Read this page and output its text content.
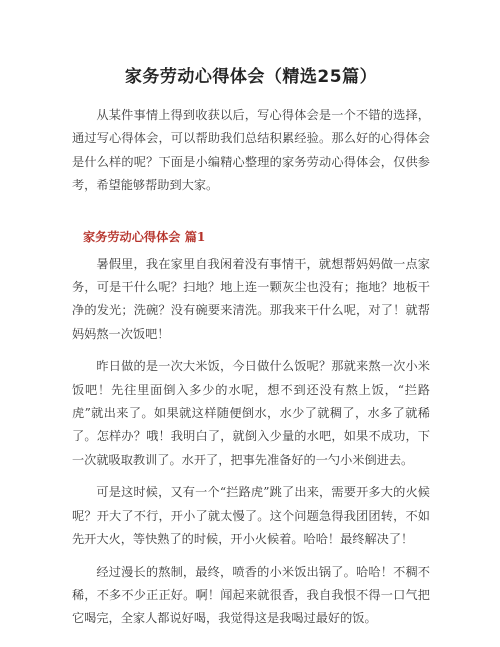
家务劳动心得体会（精选25篇）

从某件事情上得到收获以后，写心得体会是一个不错的选择，通过写心得体会，可以帮助我们总结积累经验。那么好的心得体会是什么样的呢？下面是小编精心整理的家务劳动心得体会，仅供参考，希望能够帮助到大家。

家务劳动心得体会 篇1

暑假里，我在家里自我闲着没有事情干，就想帮妈妈做一点家务，可是干什么呢？扫地？地上连一颗灰尘也没有；拖地？地板干净的发光；洗碗？没有碗要来清洗。那我来干什么呢，对了！就帮妈妈熬一次饭吧！

昨日做的是一次大米饭，今日做什么饭呢？那就来熬一次小米饭吧！先往里面倒入多少的水呢，想不到还没有熬上饭，“拦路虎”就出来了。如果就这样随便倒水，水少了就稠了，水多了就稀了。怎样办？哦！我明白了，就倒入少量的水吧，如果不成功，下一次就吸取教训了。水开了，把事先准备好的一勺小米倒进去。

可是这时候，又有一个“拦路虎”跳了出来，需要开多大的火候呢？开大了不行，开小了就太慢了。这个问题急得我团团转，不如先开大火，等快熟了的时候，开小火候着。哈哈！最终解决了！

经过漫长的熬制，最终，喷香的小米饭出锅了。哈哈！不稠不稀，不多不少正正好。啊！闻起来就很香，我自我恨不得一口气把它喝完，全家人都说好喝，我觉得这是我喝过最好的饭。
